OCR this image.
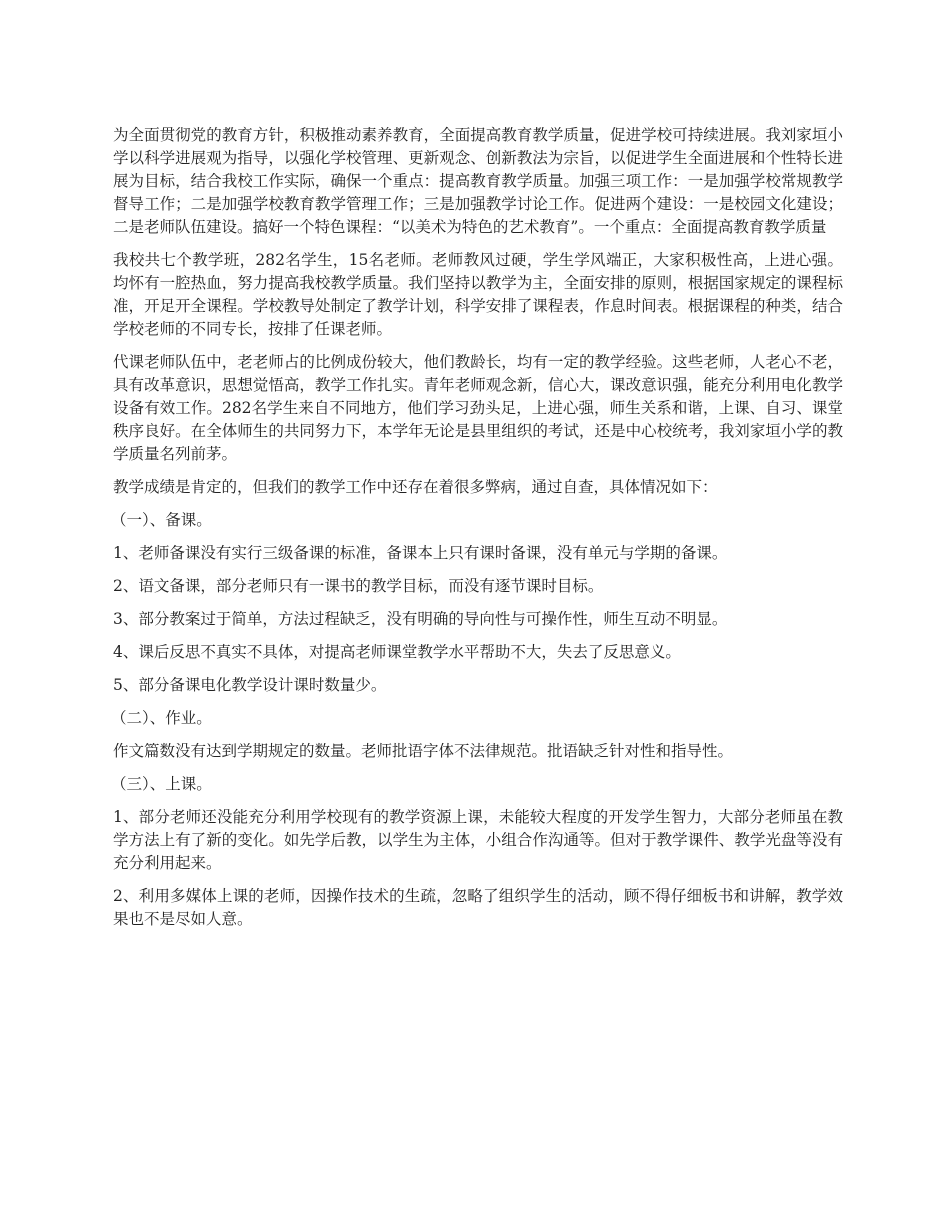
为全面贯彻党的教育方针，积极推动素养教育，全面提高教育教学质量，促进学校可持续进展。我刘家垣小学以科学进展观为指导，以强化学校管理、更新观念、创新教法为宗旨，以促进学生全面进展和个性特长进展为目标，结合我校工作实际，确保一个重点：提高教育教学质量。加强三项工作：一是加强学校常规教学督导工作；二是加强学校教育教学管理工作；三是加强教学讨论工作。促进两个建设：一是校园文化建设；二是老师队伍建设。搞好一个特色课程：“以美术为特色的艺术教育”。一个重点：全面提高教育教学质量

我校共七个教学班，282名学生，15名老师。老师教风过硬，学生学风端正，大家积极性高，上进心强。均怀有一腔热血，努力提高我校教学质量。我们坚持以教学为主，全面安排的原则，根据国家规定的课程标准，开足开全课程。学校教导处制定了教学计划，科学安排了课程表，作息时间表。根据课程的种类，结合学校老师的不同专长，按排了任课老师。

代课老师队伍中，老老师占的比例成份较大，他们教龄长，均有一定的教学经验。这些老师，人老心不老，具有改革意识，思想觉悟高，教学工作扎实。青年老师观念新，信心大，课改意识强，能充分利用电化教学设备有效工作。282名学生来自不同地方，他们学习劲头足，上进心强，师生关系和谐，上课、自习、课堂秩序良好。在全体师生的共同努力下，本学年无论是县里组织的考试，还是中心校统考，我刘家垣小学的教学质量名列前茅。

教学成绩是肯定的，但我们的教学工作中还存在着很多弊病，通过自查，具体情况如下：

（一）、备课。

1、老师备课没有实行三级备课的标准，备课本上只有课时备课，没有单元与学期的备课。

2、语文备课，部分老师只有一课书的教学目标，而没有逐节课时目标。

3、部分教案过于简单，方法过程缺乏，没有明确的导向性与可操作性，师生互动不明显。

4、课后反思不真实不具体，对提高老师课堂教学水平帮助不大，失去了反思意义。

5、部分备课电化教学设计课时数量少。

（二）、作业。

作文篇数没有达到学期规定的数量。老师批语字体不法律规范。批语缺乏针对性和指导性。

（三）、上课。

1、部分老师还没能充分利用学校现有的教学资源上课，未能较大程度的开发学生智力，大部分老师虽在教学方法上有了新的变化。如先学后教，以学生为主体，小组合作沟通等。但对于教学课件、教学光盘等没有充分利用起来。

2、利用多媒体上课的老师，因操作技术的生疏，忽略了组织学生的活动，顾不得仔细板书和讲解，教学效果也不是尽如人意。
